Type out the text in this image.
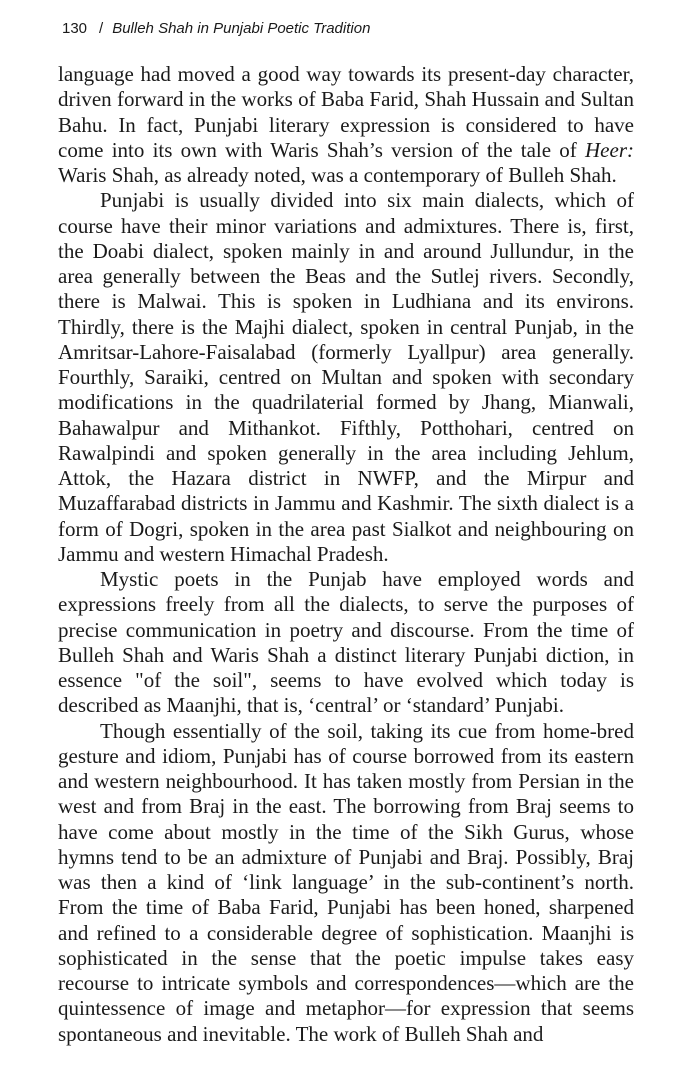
130 / Bulleh Shah in Punjabi Poetic Tradition

language had moved a good way towards its present-day character, driven forward in the works of Baba Farid, Shah Hussain and Sultan Bahu. In fact, Punjabi literary expression is considered to have come into its own with Waris Shah’s version of the tale of Heer: Waris Shah, as already noted, was a contemporary of Bulleh Shah.

Punjabi is usually divided into six main dialects, which of course have their minor variations and admixtures. There is, first, the Doabi dialect, spoken mainly in and around Jullundur, in the area generally between the Beas and the Sutlej rivers. Secondly, there is Malwai. This is spoken in Ludhiana and its environs. Thirdly, there is the Majhi dialect, spoken in central Punjab, in the Amritsar-Lahore-Faisalabad (formerly Lyallpur) area generally. Fourthly, Saraiki, centred on Multan and spoken with secondary modifications in the quadrilaterial formed by Jhang, Mianwali, Bahawalpur and Mithankot. Fifthly, Potthohari, centred on Rawalpindi and spoken generally in the area including Jehlum, Attok, the Hazara district in NWFP, and the Mirpur and Muzaffarabad districts in Jammu and Kashmir. The sixth dialect is a form of Dogri, spoken in the area past Sialkot and neighbouring on Jammu and western Himachal Pradesh.

Mystic poets in the Punjab have employed words and expressions freely from all the dialects, to serve the purposes of precise communication in poetry and discourse. From the time of Bulleh Shah and Waris Shah a distinct literary Punjabi diction, in essence "of the soil", seems to have evolved which today is described as Maanjhi, that is, ‘central’ or ‘standard’ Punjabi.

Though essentially of the soil, taking its cue from home-bred gesture and idiom, Punjabi has of course borrowed from its eastern and western neighbourhood. It has taken mostly from Persian in the west and from Braj in the east. The borrowing from Braj seems to have come about mostly in the time of the Sikh Gurus, whose hymns tend to be an admixture of Punjabi and Braj. Possibly, Braj was then a kind of ‘link language’ in the sub-continent’s north. From the time of Baba Farid, Punjabi has been honed, sharpened and refined to a considerable degree of sophistication. Maanjhi is sophisticated in the sense that the poetic impulse takes easy recourse to intricate symbols and correspondences—which are the quintessence of image and metaphor—for expression that seems spontaneous and inevitable. The work of Bulleh Shah and
